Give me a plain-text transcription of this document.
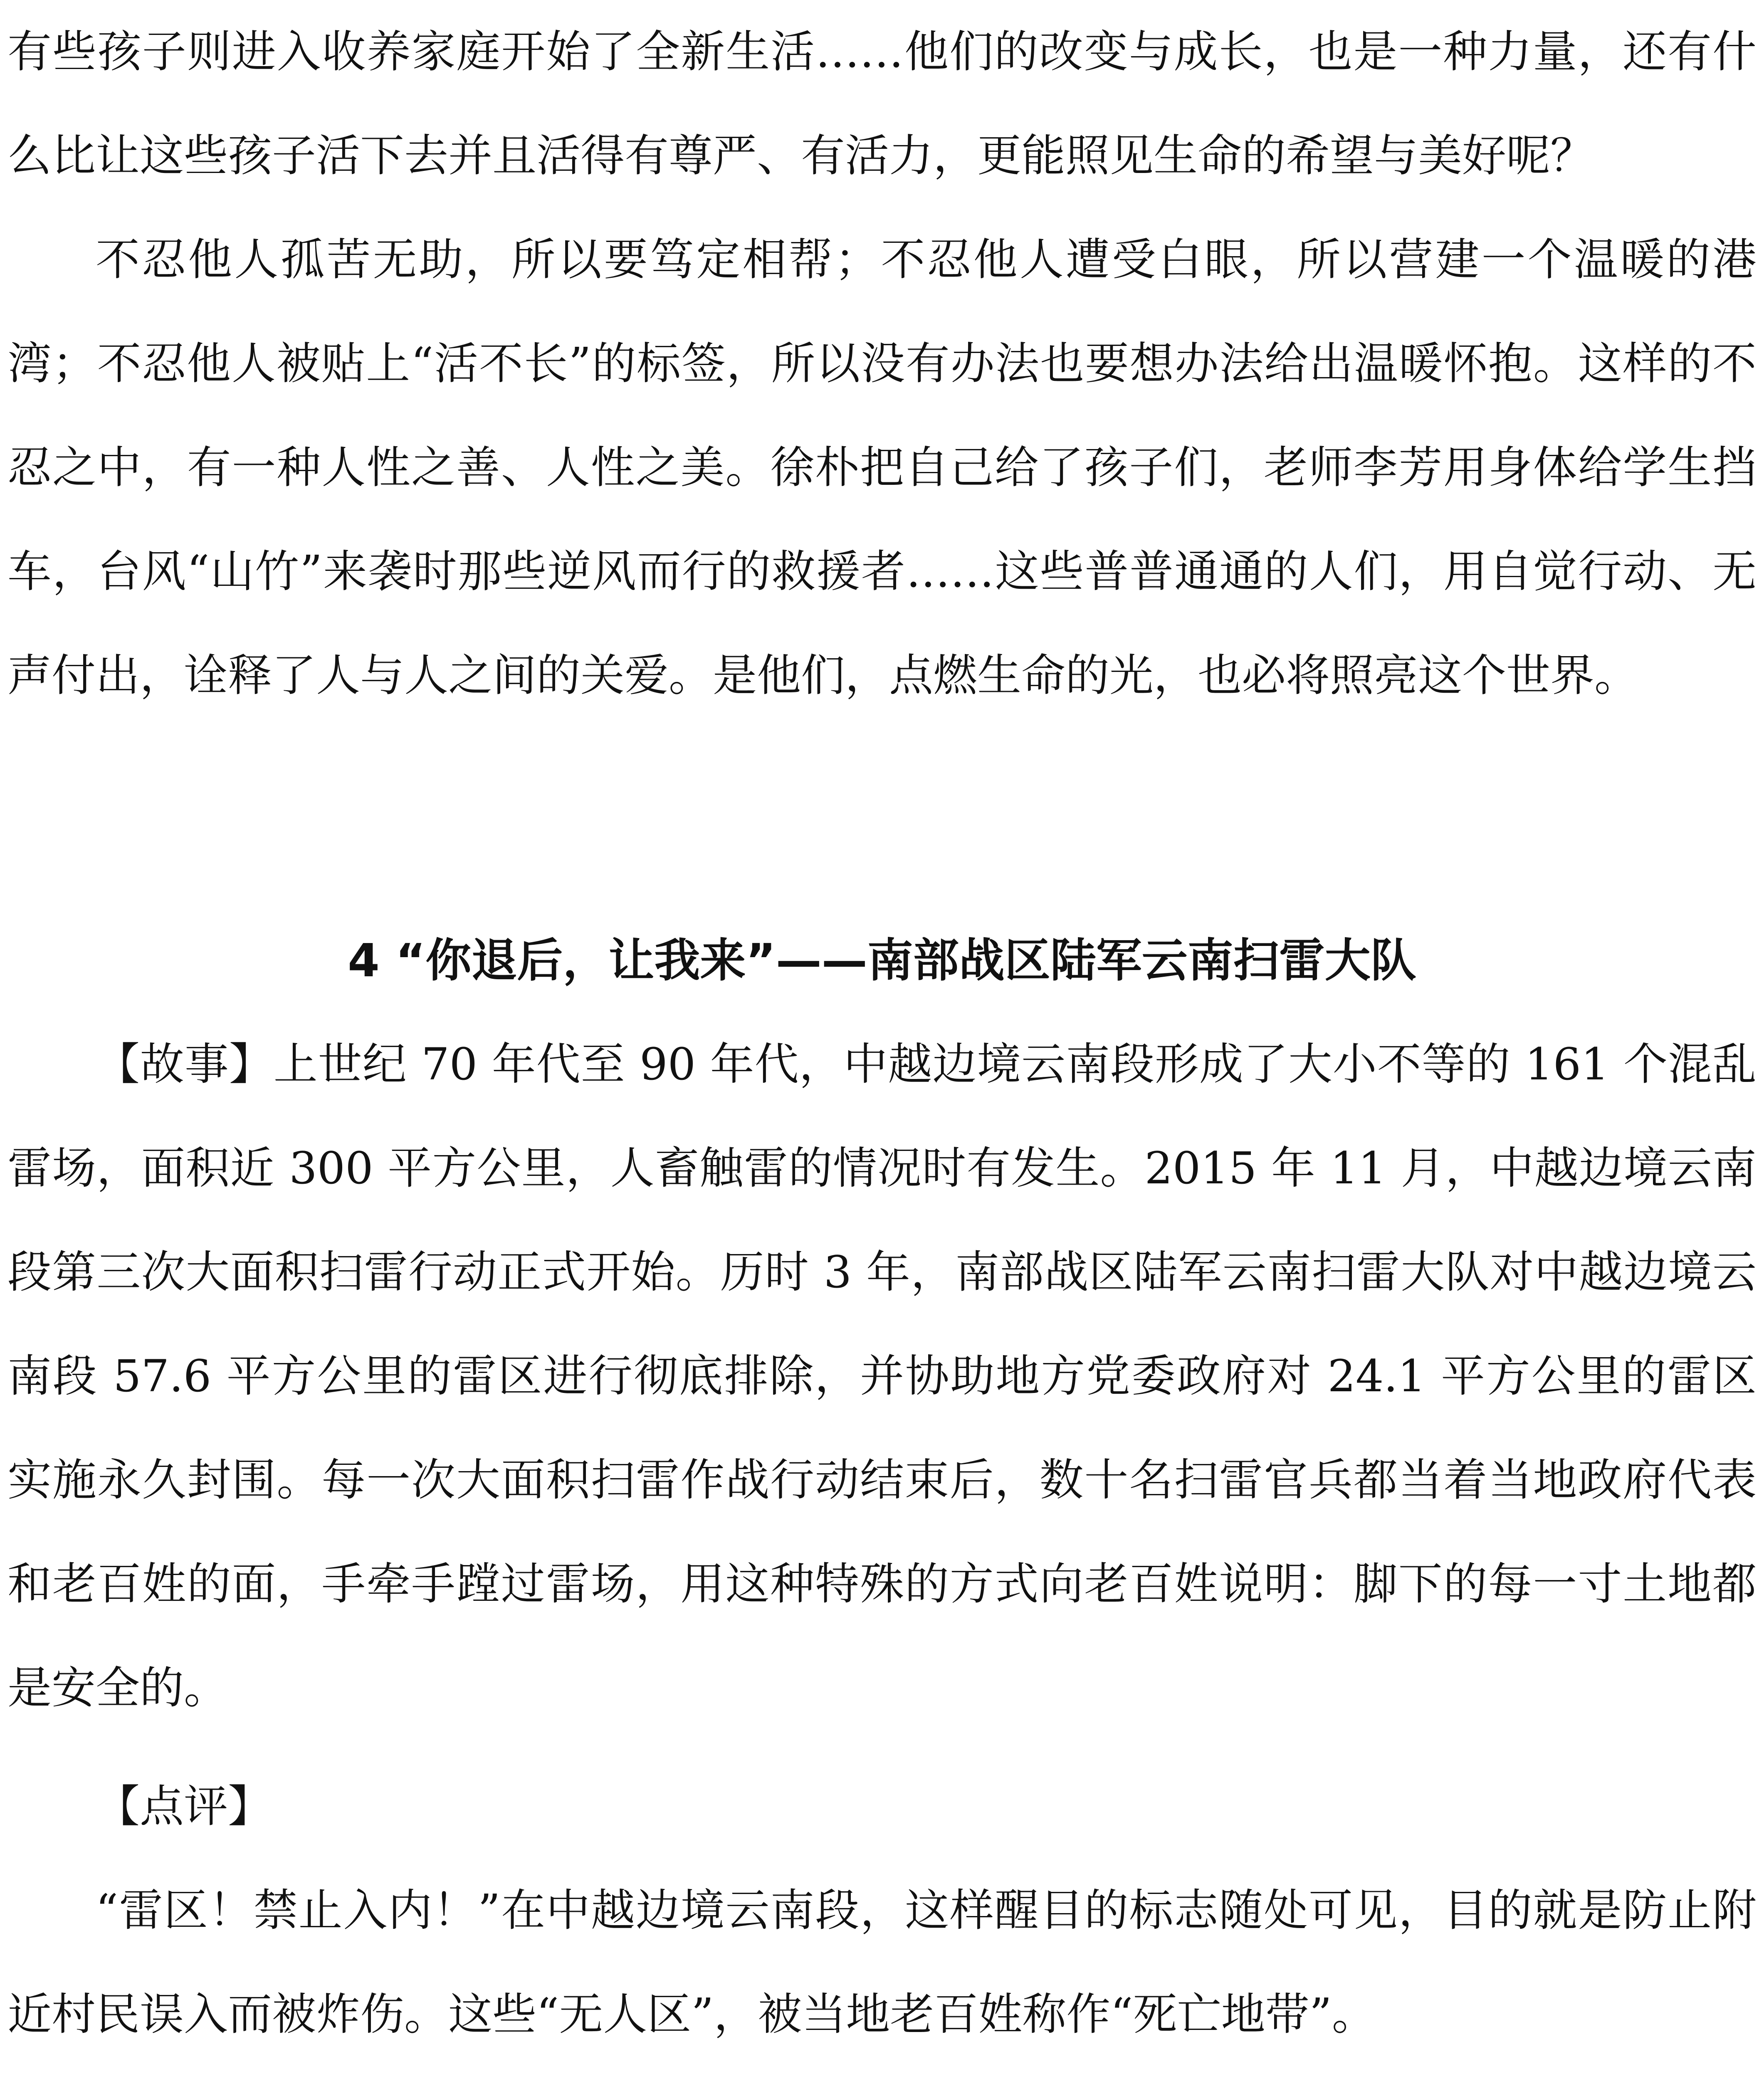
有些孩子则进入收养家庭开始了全新生活……他们的改变与成长，也是一种力量，还有什么比让这些孩子活下去并且活得有尊严、有活力，更能照见生命的希望与美好呢？

不忍他人孤苦无助，所以要笃定相帮；不忍他人遭受白眼，所以营建一个温暖的港湾；不忍他人被贴上“活不长”的标签，所以没有办法也要想办法给出温暖怀抱。这样的不忍之中，有一种人性之善、人性之美。徐朴把自己给了孩子们，老师李芳用身体给学生挡车，台风“山竹”来袭时那些逆风而行的救援者……这些普普通通的人们，用自觉行动、无声付出，诠释了人与人之间的关爱。是他们，点燃生命的光，也必将照亮这个世界。

4 “你退后，让我来”——南部战区陆军云南扫雷大队

【故事】上世纪 70 年代至 90 年代，中越边境云南段形成了大小不等的 161 个混乱雷场，面积近 300 平方公里，人畜触雷的情况时有发生。2015 年 11 月，中越边境云南段第三次大面积扫雷行动正式开始。历时 3 年，南部战区陆军云南扫雷大队对中越边境云南段 57.6 平方公里的雷区进行彻底排除，并协助地方党委政府对 24.1 平方公里的雷区实施永久封围。每一次大面积扫雷作战行动结束后，数十名扫雷官兵都当着当地政府代表和老百姓的面，手牵手蹚过雷场，用这种特殊的方式向老百姓说明：脚下的每一寸土地都是安全的。

【点评】

“雷区！禁止入内！”在中越边境云南段，这样醒目的标志随处可见，目的就是防止附近村民误入而被炸伤。这些“无人区”，被当地老百姓称作“死亡地带”。
